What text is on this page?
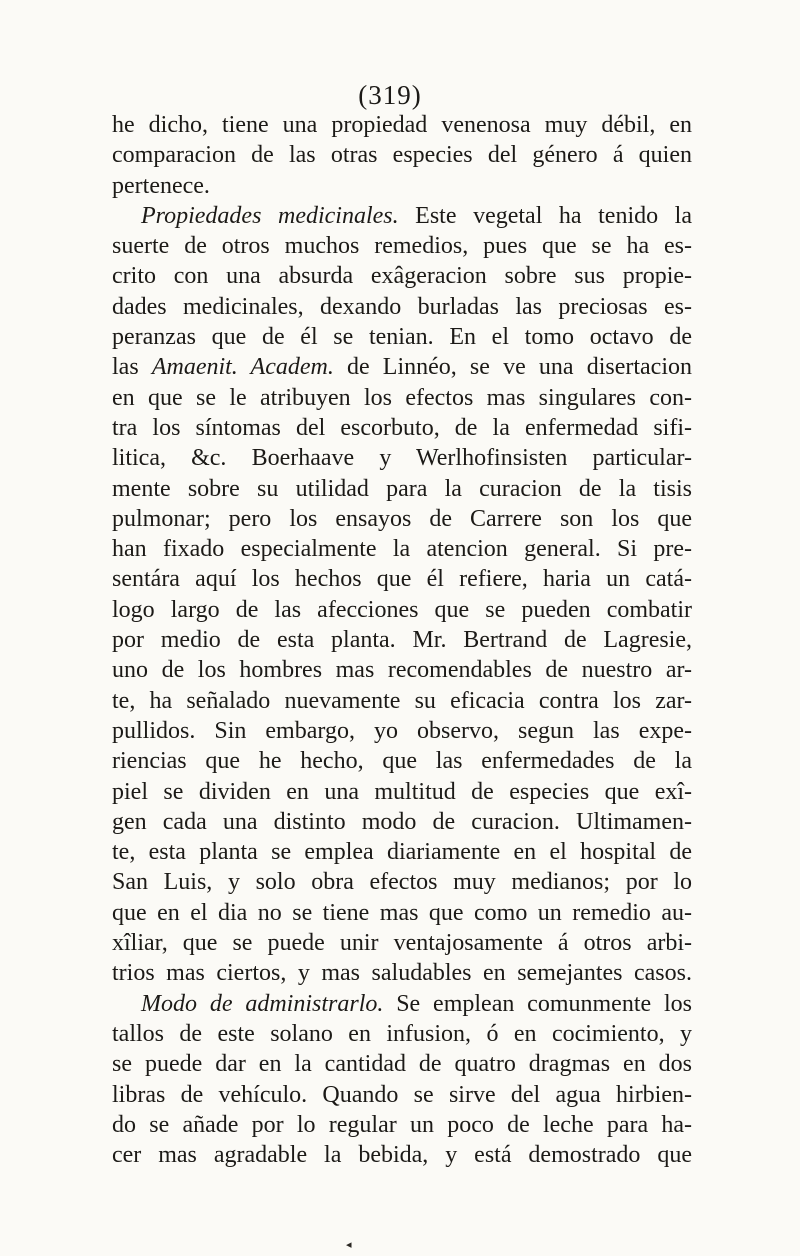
(319)
he dicho, tiene una propiedad venenosa muy débil, en
comparacion de las otras especies del género á quien
pertenece.
Propiedades medicinales. Este vegetal ha tenido la
suerte de otros muchos remedios, pues que se ha es-
crito con una absurda exâgeracion sobre sus propie-
dades medicinales, dexando burladas las preciosas es-
peranzas que de él se tenian. En el tomo octavo de
las Amaenit. Academ. de Linnéo, se ve una disertacion
en que se le atribuyen los efectos mas singulares con-
tra los síntomas del escorbuto, de la enfermedad sifi-
litica, &c. Boerhaave y Werlhofinsisten particular-
mente sobre su utilidad para la curacion de la tisis
pulmonar; pero los ensayos de Carrere son los que
han fixado especialmente la atencion general. Si pre-
sentára aquí los hechos que él refiere, haria un catá-
logo largo de las afecciones que se pueden combatir
por medio de esta planta. Mr. Bertrand de Lagresie,
uno de los hombres mas recomendables de nuestro ar-
te, ha señalado nuevamente su eficacia contra los zar-
pullidos. Sin embargo, yo observo, segun las expe-
riencias que he hecho, que las enfermedades de la
piel se dividen en una multitud de especies que exî-
gen cada una distinto modo de curacion. Ultimamen-
te, esta planta se emplea diariamente en el hospital de
San Luis, y solo obra efectos muy medianos; por lo
que en el dia no se tiene mas que como un remedio au-
xîliar, que se puede unir ventajosamente á otros arbi-
trios mas ciertos, y mas saludables en semejantes casos.
Modo de administrarlo. Se emplean comunmente los
tallos de este solano en infusion, ó en cocimiento, y
se puede dar en la cantidad de quatro dragmas en dos
libras de vehículo. Quando se sirve del agua hirbien-
do se añade por lo regular un poco de leche para ha-
cer mas agradable la bebida, y está demostrado que
◂
